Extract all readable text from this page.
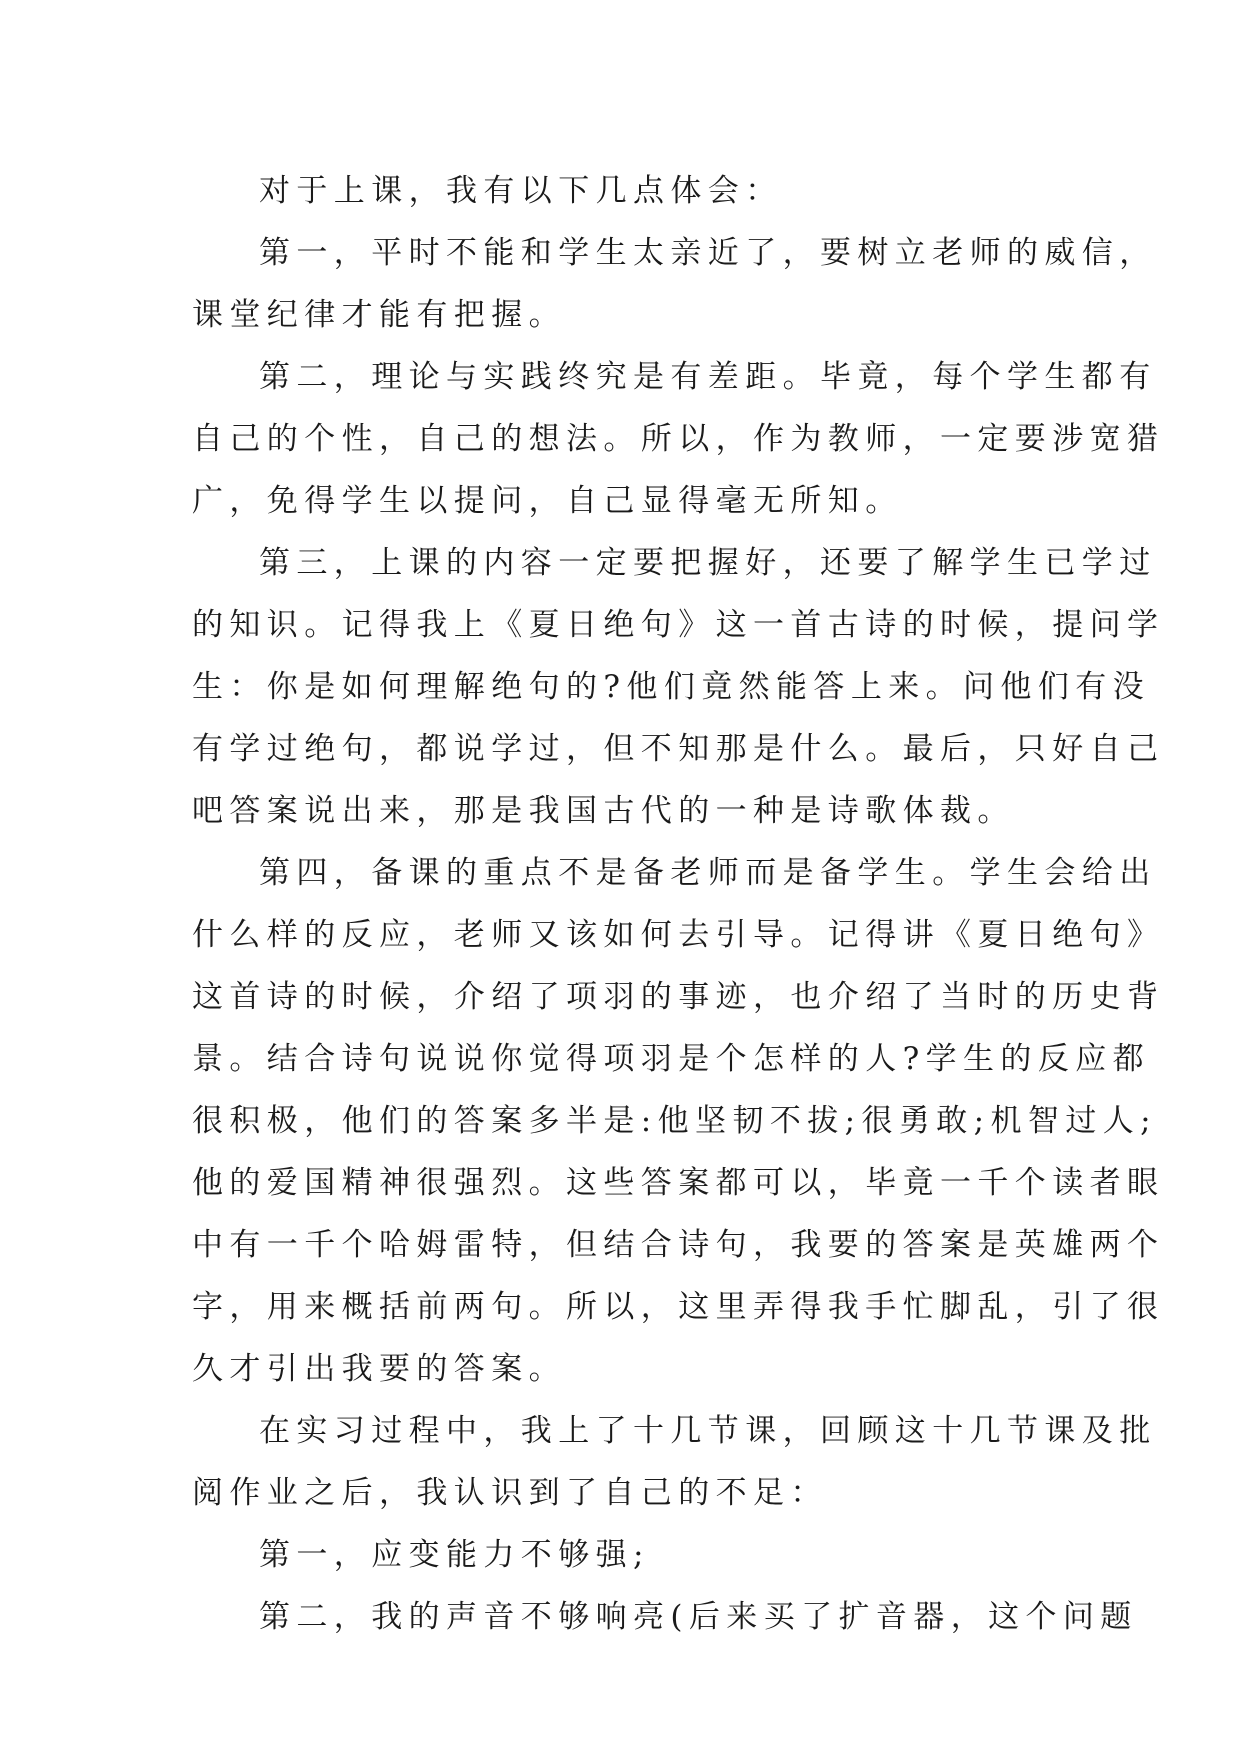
对于上课，我有以下几点体会：

第一，平时不能和学生太亲近了，要树立老师的威信，

课堂纪律才能有把握。

第二，理论与实践终究是有差距。毕竟，每个学生都有

自己的个性，自己的想法。所以，作为教师，一定要涉宽猎

广，免得学生以提问，自己显得毫无所知。

第三，上课的内容一定要把握好，还要了解学生已学过

的知识。记得我上《夏日绝句》这一首古诗的时候，提问学

生：你是如何理解绝句的?他们竟然能答上来。问他们有没

有学过绝句，都说学过，但不知那是什么。最后，只好自己

吧答案说出来，那是我国古代的一种是诗歌体裁。

第四，备课的重点不是备老师而是备学生。学生会给出

什么样的反应，老师又该如何去引导。记得讲《夏日绝句》

这首诗的时候，介绍了项羽的事迹，也介绍了当时的历史背

景。结合诗句说说你觉得项羽是个怎样的人?学生的反应都

很积极，他们的答案多半是:他坚韧不拔;很勇敢;机智过人;

他的爱国精神很强烈。这些答案都可以，毕竟一千个读者眼

中有一千个哈姆雷特，但结合诗句，我要的答案是英雄两个

字，用来概括前两句。所以，这里弄得我手忙脚乱，引了很

久才引出我要的答案。

在实习过程中，我上了十几节课，回顾这十几节课及批

阅作业之后，我认识到了自己的不足：

第一，应变能力不够强;

第二，我的声音不够响亮(后来买了扩音器，这个问题
